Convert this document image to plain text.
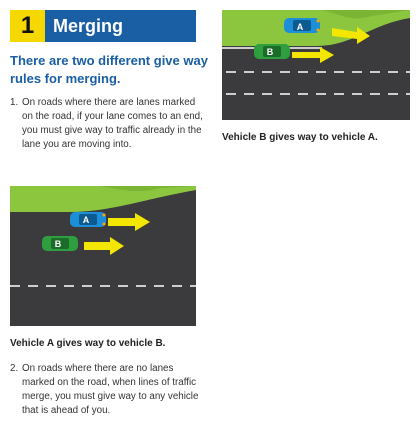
1	Merging
There are two different give way rules for merging.
1. On roads where there are lanes marked on the road, if your lane comes to an end, you must give way to traffic already in the lane you are moving into.
A
B
Vehicle B gives way to vehicle A.
A
B
Vehicle A gives way to vehicle B.
2. On roads where there are no lanes marked on the road, when lines of traffic merge, you must give way to any vehicle that is ahead of you.
